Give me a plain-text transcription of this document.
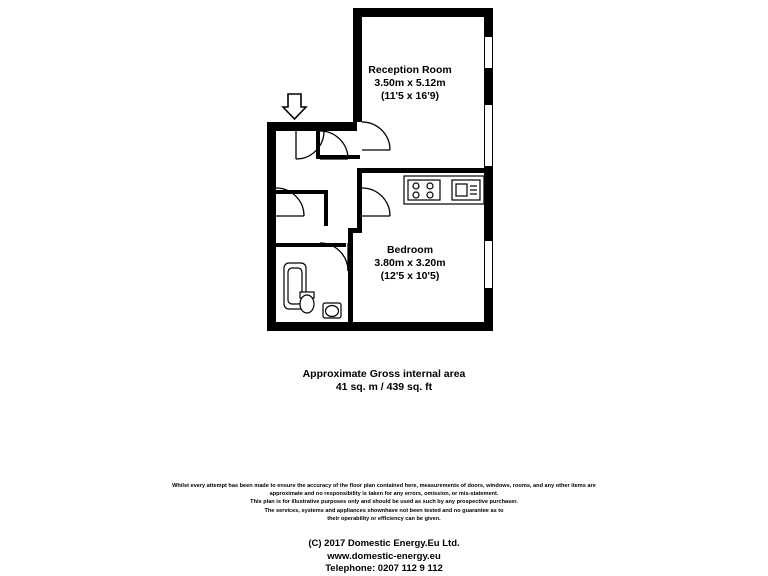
Reception Room
3.50m x 5.12m
(11'5 x 16'9)
Bedroom
3.80m x 3.20m
(12'5 x 10'5)
Approximate Gross internal area
41 sq. m / 439 sq. ft
Whilst every attempt has been made to ensure the accuracy of the floor plan contained here, measurements of doors, windows, rooms, and any other items are
approximate and no responsibility is taken for any errors, omission, or mis-statement.
This plan is for illustrative purposes only and should be used as such by any prospective purchaser.
The services, systems and appliances shownhave not been tested and no guarantee as to
their operability or efficiency can be given.
(C) 2017 Domestic Energy.Eu Ltd.
www.domestic-energy.eu
Telephone: 0207 112 9 112
